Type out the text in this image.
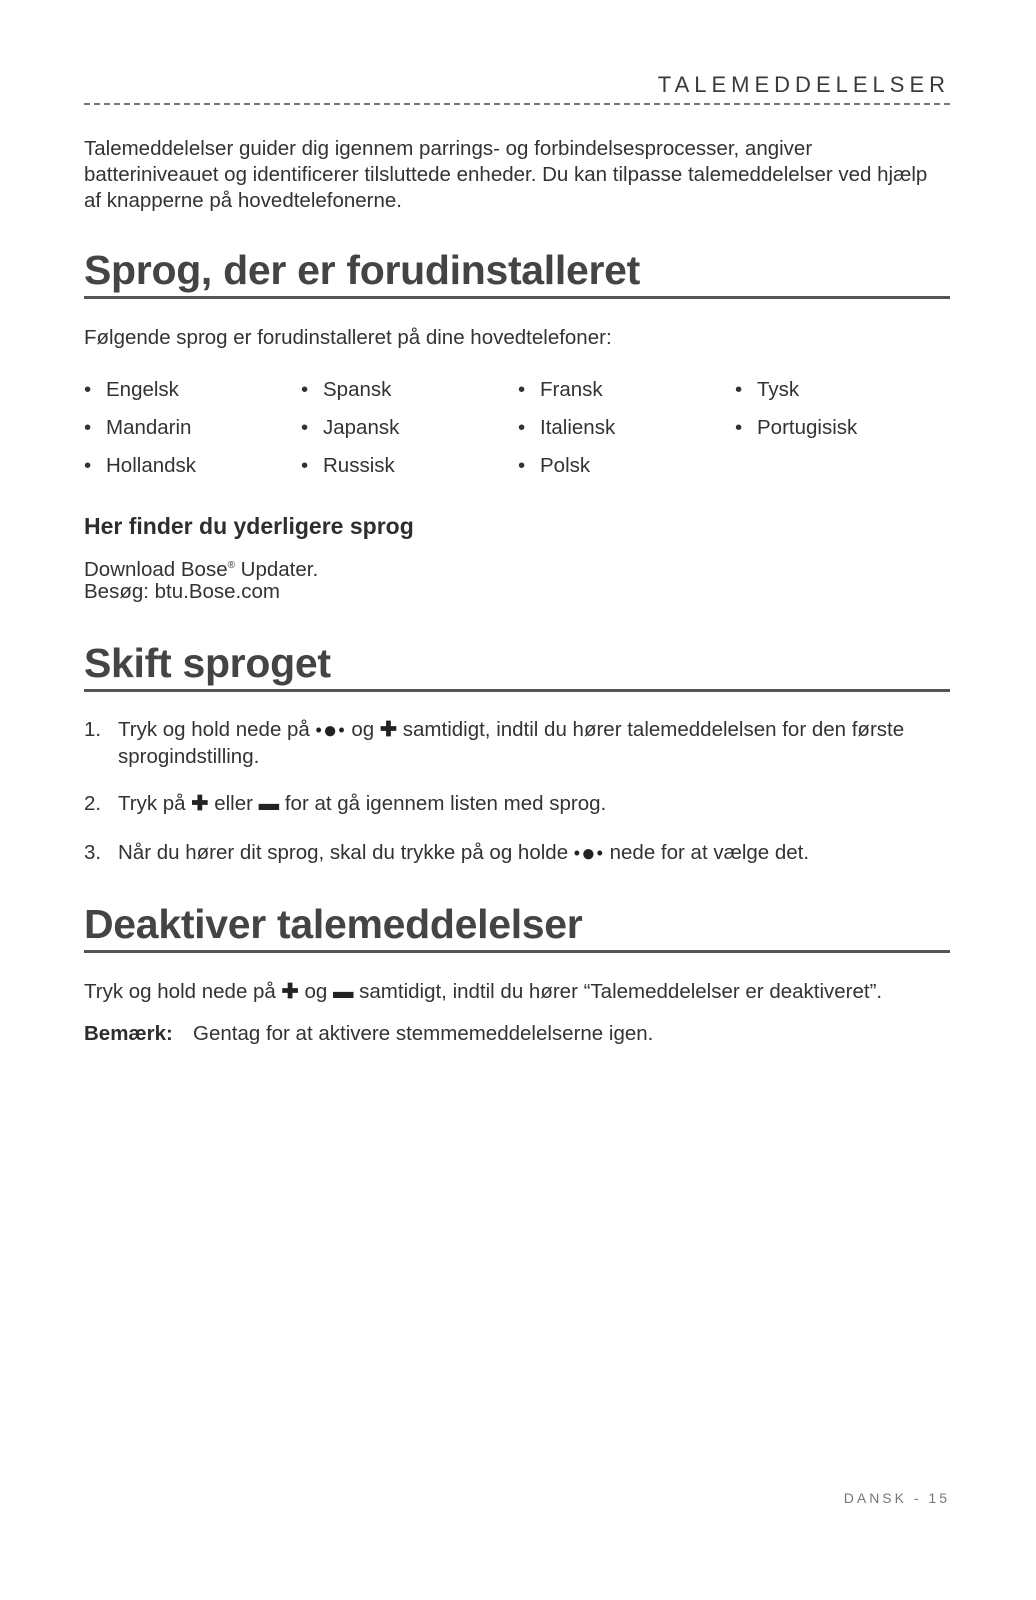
TALEMEDDELELSER
Talemeddelelser guider dig igennem parrings- og forbindelsesprocesser, angiver batteriniveauet og identificerer tilsluttede enheder. Du kan tilpasse talemeddelelser ved hjælp af knapperne på hovedtelefonerne.
Sprog, der er forudinstalleret
Følgende sprog er forudinstalleret på dine hovedtelefoner:
• Engelsk	• Spansk	• Fransk	• Tysk
• Mandarin	• Japansk	• Italiensk	• Portugisisk
• Hollandsk	• Russisk	• Polsk
Her finder du yderligere sprog
Download Bose® Updater.
Besøg: btu.Bose.com
Skift sproget
1. Tryk og hold nede på •●• og ✚ samtidigt, indtil du hører talemeddelelsen for den første sprogindstilling.
2. Tryk på ✚ eller ▬ for at gå igennem listen med sprog.
3. Når du hører dit sprog, skal du trykke på og holde •●• nede for at vælge det.
Deaktiver talemeddelelser
Tryk og hold nede på ✚ og ▬ samtidigt, indtil du hører “Talemeddelelser er deaktiveret”.
Bemærk: Gentag for at aktivere stemmemeddelelserne igen.
DANSK - 15
